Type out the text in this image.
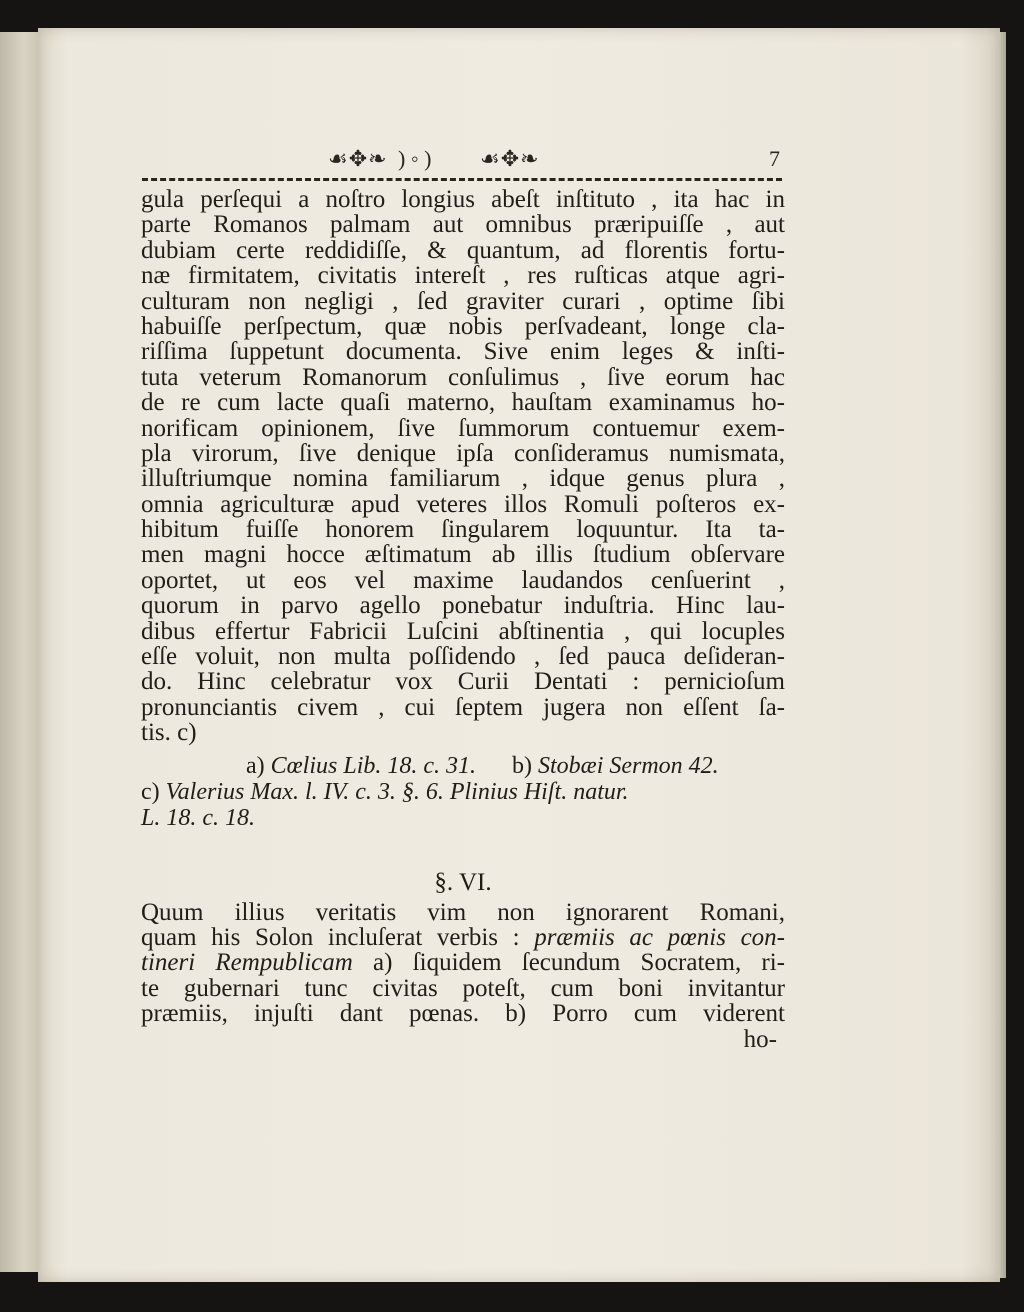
☙✥❧ ) ◦ ) ☙✥❧	7
gula perſequi a noſtro longius abeſt inſtituto , ita hac in
parte Romanos palmam aut omnibus præripuiſſe , aut
dubiam certe reddidiſſe, & quantum, ad florentis fortu-
næ firmitatem, civitatis intereſt , res ruſticas atque agri-
culturam non negligi , ſed graviter curari , optime ſibi
habuiſſe perſpectum, quæ nobis perſvadeant, longe cla-
riſſima ſuppetunt documenta. Sive enim leges & inſti-
tuta veterum Romanorum conſulimus , ſive eorum hac
de re cum lacte quaſi materno, hauſtam examinamus ho-
norificam opinionem, ſive ſummorum contuemur exem-
pla virorum, ſive denique ipſa conſideramus numismata,
illuſtriumque nomina familiarum , idque genus plura ,
omnia agriculturæ apud veteres illos Romuli poſteros ex-
hibitum fuiſſe honorem ſingularem loquuntur. Ita ta-
men magni hocce æſtimatum ab illis ſtudium obſervare
oportet, ut eos vel maxime laudandos cenſuerint ,
quorum in parvo agello ponebatur induſtria. Hinc lau-
dibus effertur Fabricii Luſcini abſtinentia , qui locuples
eſſe voluit, non multa poſſidendo , ſed pauca deſideran-
do. Hinc celebratur vox Curii Dentati : pernicioſum
pronunciantis civem , cui ſeptem jugera non eſſent ſa-
tis. c)
a) Cœlius Lib. 18. c. 31.      b) Stobæi Sermon 42.
c) Valerius Max. l. IV. c. 3. §. 6. Plinius Hiſt. natur.
L. 18. c. 18.
§. VI.
Quum illius veritatis vim non ignorarent Romani,
quam his Solon incluſerat verbis : præmiis ac pœnis con-
tineri Rempublicam a) ſiquidem ſecundum Socratem, ri-
te gubernari tunc civitas poteſt, cum boni invitantur
præmiis, injuſti dant pœnas. b) Porro cum viderent
ho-
